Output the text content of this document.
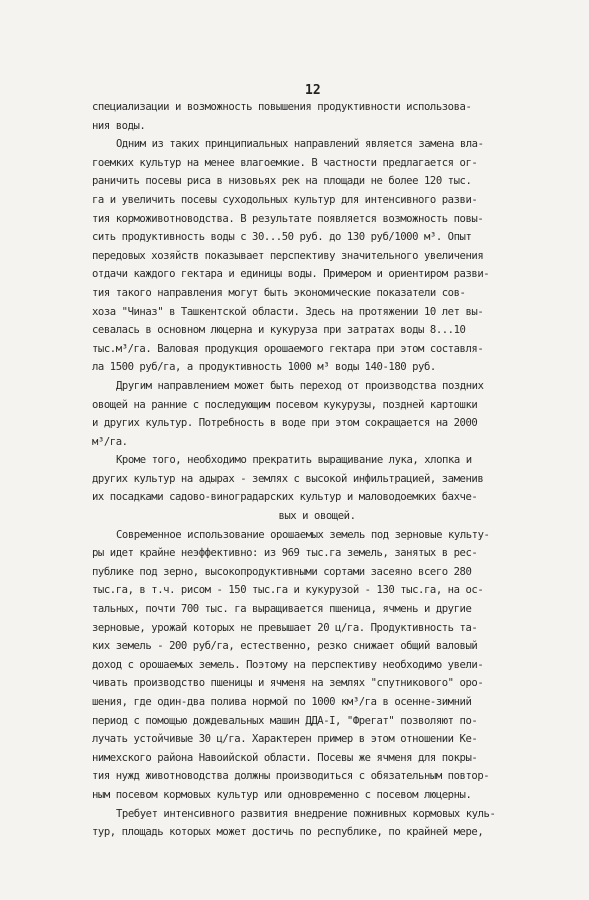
12
специализации и возможность повышения продуктивности использова-
ния воды.
Одним из таких принципиальных направлений является замена вла-
гоемких культур на менее влагоемкие. В частности предлагается ог-
раничить посевы риса в низовьях рек на площади не более 120 тыс.
га и увеличить посевы суходольных культур для интенсивного разви-
тия корможивотноводства. В результате появляется возможность повы-
сить продуктивность воды с 30...50 руб. до 130 руб/1000 м³. Опыт
передовых хозяйств показывает перспективу значительного увеличения
отдачи каждого гектара и единицы воды. Примером и ориентиром разви-
тия такого направления могут быть экономические показатели сов-
хоза "Чиназ" в Ташкентской области. Здесь на протяжении 10 лет вы-
севалась в основном люцерна и кукуруза при затратах воды 8...10
тыс.м³/га. Валовая продукция орошаемого гектара при этом составля-
ла 1500 руб/га, а продуктивность 1000 м³ воды 140-180 руб.
Другим направлением может быть переход от производства поздних
овощей на ранние с последующим посевом кукурузы, поздней картошки
и других культур. Потребность в воде при этом сокращается на 2000
м³/га.
Кроме того, необходимо прекратить выращивание лука, хлопка и
других культур на адырах - землях с высокой инфильтрацией, заменив
их посадками садово-виноградарских культур и маловодоемких бахче-
вых и овощей.
Современное использование орошаемых земель под зерновые культу-
ры идет крайне неэффективно: из 969 тыс.га земель, занятых в рес-
публике под зерно, высокопродуктивными сортами засеяно всего 280
тыс.га, в т.ч. рисом - 150 тыс.га и кукурузой - 130 тыс.га, на ос-
тальных, почти 700 тыс. га выращивается пшеница, ячмень и другие
зерновые, урожай которых не превышает 20 ц/га. Продуктивность та-
ких земель - 200 руб/га, естественно, резко снижает общий валовый
доход с орошаемых земель. Поэтому на перспективу необходимо увели-
чивать производство пшеницы и ячменя на землях "спутникового" оро-
шения, где один-два полива нормой по 1000 км³/га в осенне-зимний
период с помощью дождевальных машин ДДА-I, "Фрегат" позволяют по-
лучать устойчивые 30 ц/га. Характерен пример в этом отношении Ке-
нимехского района Навоийской области. Посевы же ячменя для покры-
тия нужд животноводства должны производиться с обязательным повтор-
ным посевом кормовых культур или одновременно с посевом люцерны.
Требует интенсивного развития внедрение пожнивных кормовых куль-
тур, площадь которых может достичь по республике, по крайней мере,
